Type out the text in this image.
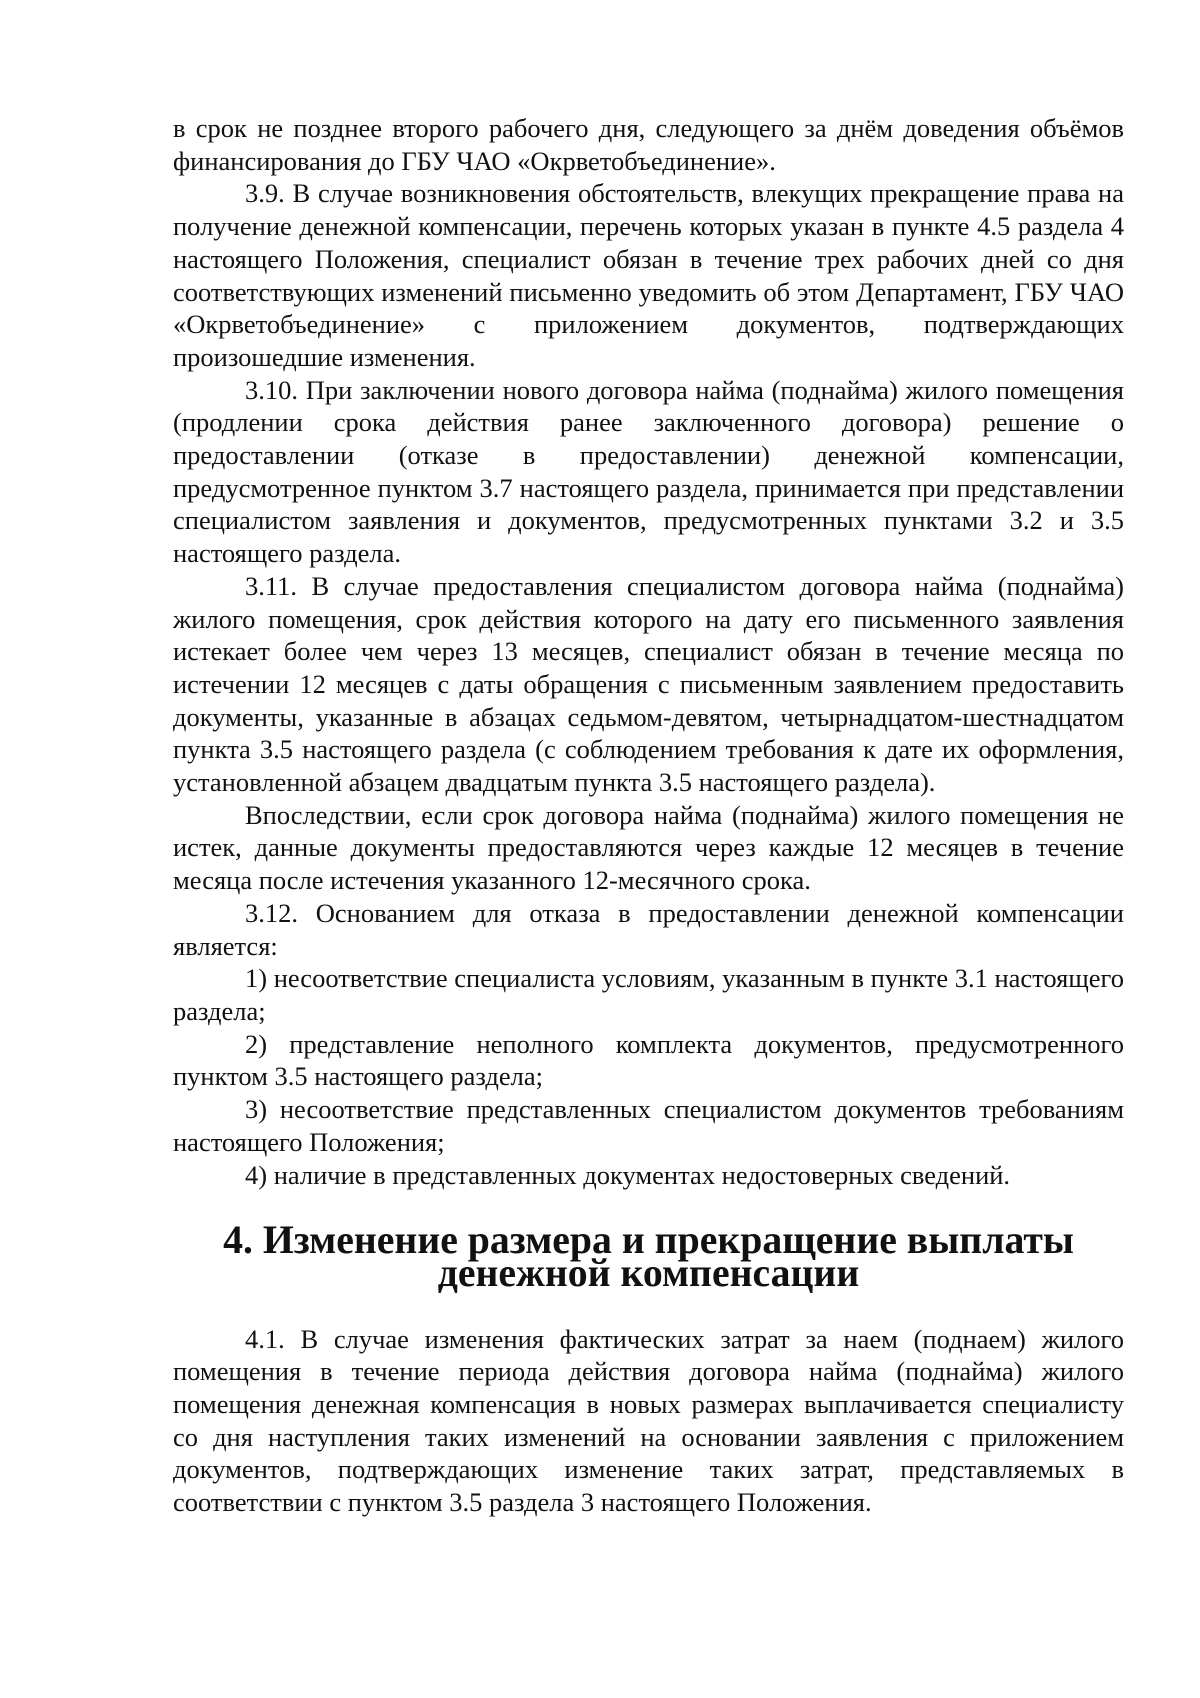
в срок не позднее второго рабочего дня, следующего за днём доведения объёмов финансирования до ГБУ ЧАО «Окрветобъединение».

3.9. В случае возникновения обстоятельств, влекущих прекращение права на получение денежной компенсации, перечень которых указан в пункте 4.5 раздела 4 настоящего Положения, специалист обязан в течение трех рабочих дней со дня соответствующих изменений письменно уведомить об этом Департамент, ГБУ ЧАО «Окрветобъединение» с приложением документов, подтверждающих произошедшие изменения.

3.10. При заключении нового договора найма (поднайма) жилого помещения (продлении срока действия ранее заключенного договора) решение о предоставлении (отказе в предоставлении) денежной компенсации, предусмотренное пунктом 3.7 настоящего раздела, принимается при представлении специалистом заявления и документов, предусмотренных пунктами 3.2 и 3.5 настоящего раздела.

3.11. В случае предоставления специалистом договора найма (поднайма) жилого помещения, срок действия которого на дату его письменного заявления истекает более чем через 13 месяцев, специалист обязан в течение месяца по истечении 12 месяцев с даты обращения с письменным заявлением предоставить документы, указанные в абзацах седьмом-девятом, четырнадцатом-шестнадцатом пункта 3.5 настоящего раздела (с соблюдением требования к дате их оформления, установленной абзацем двадцатым пункта 3.5 настоящего раздела).

Впоследствии, если срок договора найма (поднайма) жилого помещения не истек, данные документы предоставляются через каждые 12 месяцев в течение месяца после истечения указанного 12-месячного срока.

3.12. Основанием для отказа в предоставлении денежной компенсации является:

1) несоответствие специалиста условиям, указанным в пункте 3.1 настоящего раздела;

2) представление неполного комплекта документов, предусмотренного пунктом 3.5 настоящего раздела;

3) несоответствие представленных специалистом документов требованиям настоящего Положения;

4) наличие в представленных документах недостоверных сведений.

4. Изменение размера и прекращение выплаты денежной компенсации

4.1. В случае изменения фактических затрат за наем (поднаем) жилого помещения в течение периода действия договора найма (поднайма) жилого помещения денежная компенсация в новых размерах выплачивается специалисту со дня наступления таких изменений на основании заявления с приложением документов, подтверждающих изменение таких затрат, представляемых в соответствии с пунктом 3.5 раздела 3 настоящего Положения.
